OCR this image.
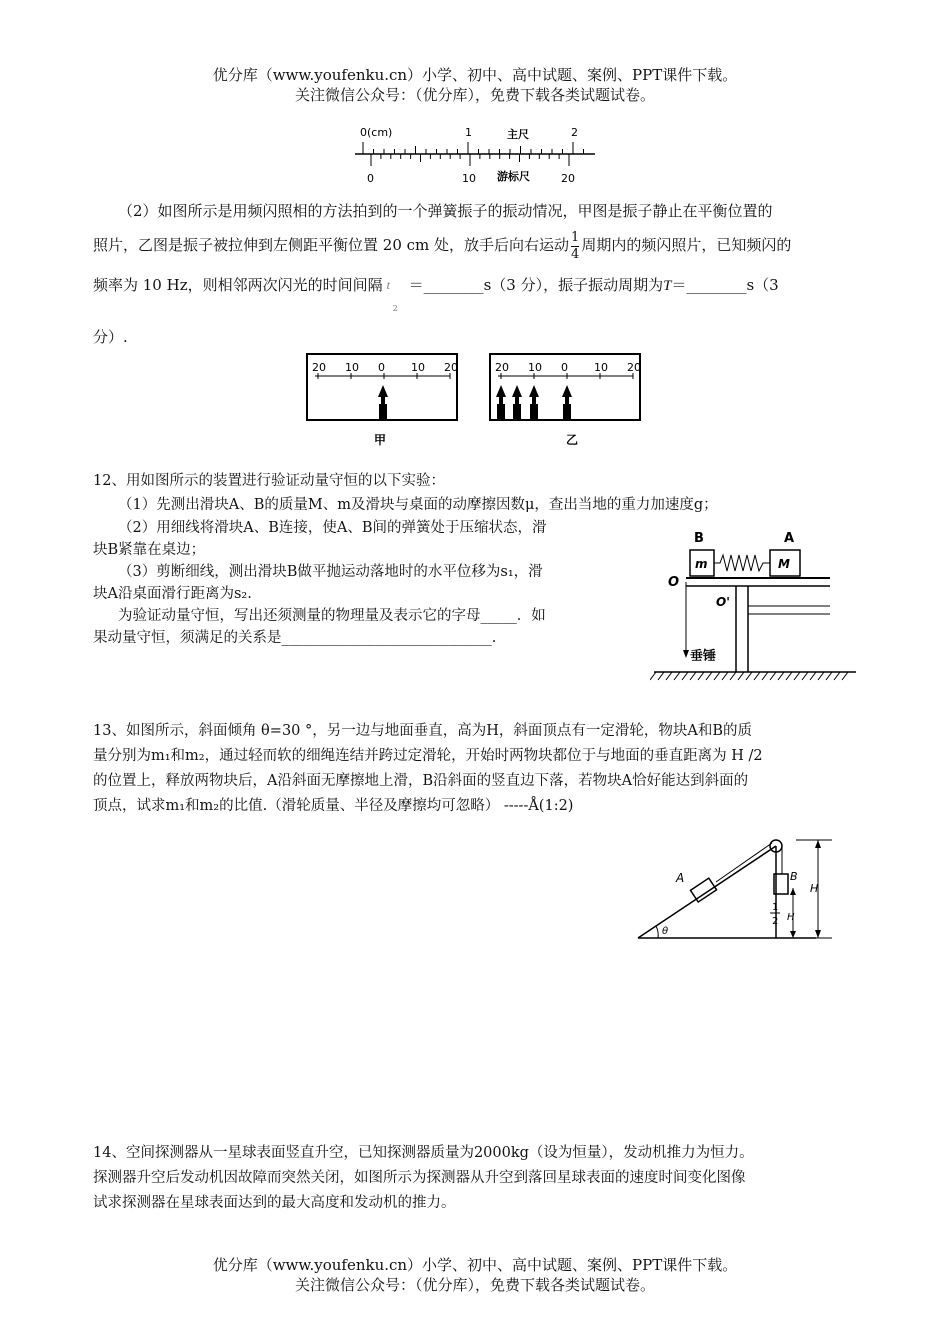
优分库（www.youfenku.cn）小学、初中、高中试题、案例、PPT课件下载。
关注微信公众号：（优分库），免费下载各类试题试卷。
0(cm)	1	主尺	2
0	10 游标尺	20
（2）如图所示是用频闪照相的方法拍到的一个弹簧振子的振动情况，甲图是振子静止在平衡位置的
照片，乙图是振子被拉伸到左侧距平衡位置 20 cm 处，放手后向右运动 $\frac{1}{4}$ 周期内的频闪照片，已知频闪的
频率为 10 Hz，则相邻两次闪光的时间间隔 t
2
＝________s（3 分），振子振动周期为T＝________s（3
分）.
20 10 0 10 20	20 10 0 10 20
甲	乙
12、用如图所示的装置进行验证动量守恒的以下实验：
（1）先测出滑块A、B的质量M、m及滑块与桌面的动摩擦因数μ，查出当地的重力加速度g；
（2）用细线将滑块A、B连接，使A、B间的弹簧处于压缩状态，滑
块B紧靠在桌边；
（3）剪断细线，测出滑块B做平抛运动落地时的水平位移为s₁，滑
块A沿桌面滑行距离为s₂.
为验证动量守恒，写出还须测量的物理量及表示它的字母_____．如
果动量守恒，须满足的关系是_____________________________.
B	A
m	M
O
O'
垂锤
13、如图所示，斜面倾角 θ=30 °，另一边与地面垂直，高为H，斜面顶点有一定滑轮，物块A和B的质
量分别为m₁和m₂，通过轻而软的细绳连结并跨过定滑轮，开始时两物块都位于与地面的垂直距离为 H /2
的位置上，释放两物块后，A沿斜面无摩擦地上滑，B沿斜面的竖直边下落，若物块A恰好能达到斜面的
顶点，试求m₁和m₂的比值.（滑轮质量、半径及摩擦均可忽略） -----Å(1:2)
θ
A	B
1
2 H
H
14、空间探测器从一星球表面竖直升空，已知探测器质量为2000kg（设为恒量），发动机推力为恒力。
探测器升空后发动机因故障而突然关闭，如图所示为探测器从升空到落回星球表面的速度时间变化图像
试求探测器在星球表面达到的最大高度和发动机的推力。
优分库（www.youfenku.cn）小学、初中、高中试题、案例、PPT课件下载。
关注微信公众号：（优分库），免费下载各类试题试卷。
